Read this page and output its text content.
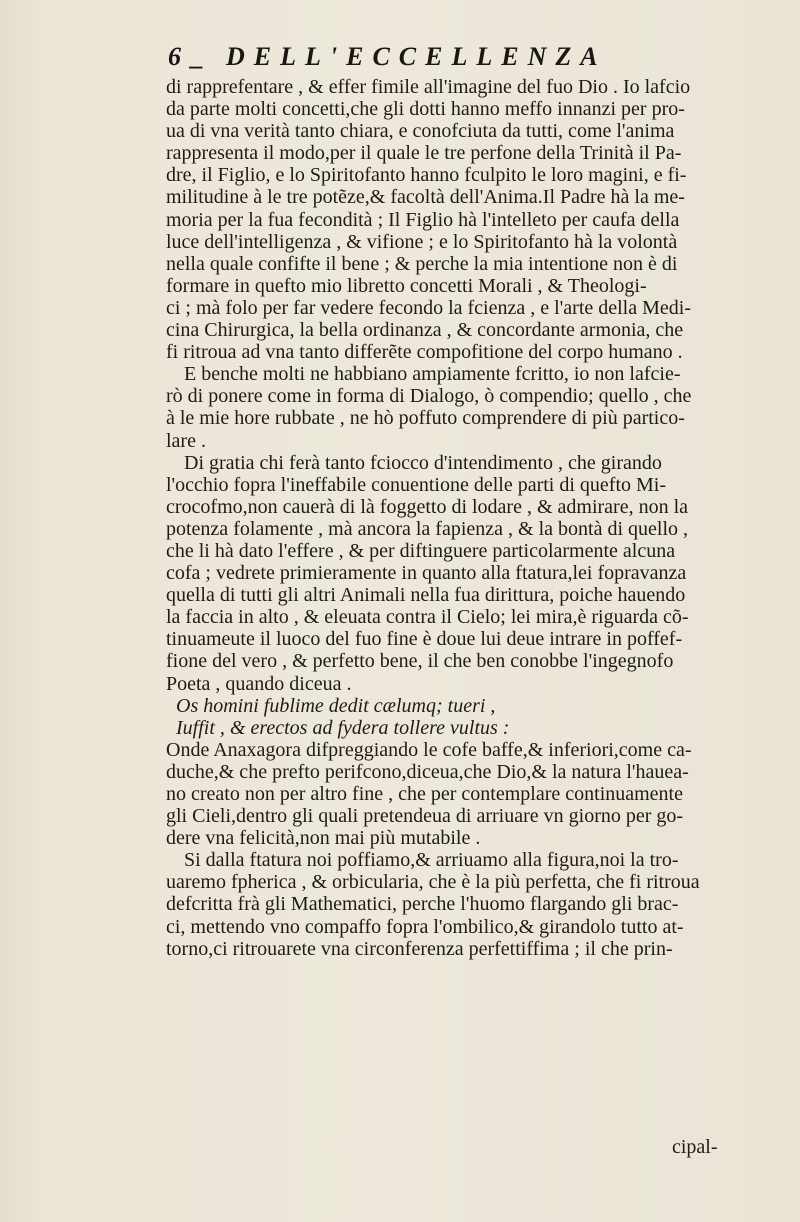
6 _ DELL'ECCELLENZA
di rapprefentare , & effer fimile all'imagine del fuo Dio . Io lafcio
da parte molti concetti,che gli dotti hanno meffo innanzi per pro-
ua di vna verità tanto chiara, e conofciuta da tutti, come l'anima
rappresenta il modo,per il quale le tre perfone della Trinità il Pa-
dre, il Figlio, e lo Spiritofanto hanno fculpito le loro magini, e fi-
militudine à le tre potẽze,& facoltà dell'Anima.Il Padre hà la me-
moria per la fua fecondità ; Il Figlio hà l'intelleto per caufa della
luce dell'intelligenza , & vifione ; e lo Spiritofanto hà la volontà
nella quale confifte il bene ; & perche la mia intentione non è di
formare in quefto mio libretto concetti Morali , & Theologi-
ci ; mà folo per far vedere fecondo la fcienza , e l'arte della Medi-
cina Chirurgica, la bella ordinanza , & concordante armonia, che
fi ritroua ad vna tanto differẽte compofitione del corpo humano .
E benche molti ne habbiano ampiamente fcritto, io non lafcie-
rò di ponere come in forma di Dialogo, ò compendio; quello , che
à le mie hore rubbate , ne hò poffuto comprendere di più partico-
lare .
Di gratia chi ferà tanto fciocco d'intendimento , che girando
l'occhio fopra l'ineffabile conuentione delle parti di quefto Mi-
crocofmo,non cauerà di là foggetto di lodare , & admirare, non la
potenza folamente , mà ancora la fapienza , & la bontà di quello ,
che li hà dato l'effere , & per diftinguere particolarmente alcuna
cofa ; vedrete primieramente in quanto alla ftatura,lei fopravanza
quella di tutti gli altri Animali nella fua dirittura, poiche hauendo
la faccia in alto , & eleuata contra il Cielo; lei mira,è riguarda cõ-
tinuameute il luoco del fuo fine è doue lui deue intrare in poffef-
fione del vero , & perfetto bene, il che ben conobbe l'ingegnofo
Poeta , quando diceua .
Os homini fublime dedit cælumq; tueri ,
Iuffit , & erectos ad fydera tollere vultus :
Onde Anaxagora difpreggiando le cofe baffe,& inferiori,come ca-
duche,& che prefto perifcono,diceua,che Dio,& la natura l'hauea-
no creato non per altro fine , che per contemplare continuamente
gli Cieli,dentro gli quali pretendeua di arriuare vn giorno per go-
dere vna felicità,non mai più mutabile .
Si dalla ftatura noi poffiamo,& arriuamo alla figura,noi la tro-
uaremo fpherica , & orbicularia, che è la più perfetta, che fi ritroua
defcritta frà gli Mathematici, perche l'huomo flargando gli brac-
ci, mettendo vno compaffo fopra l'ombilico,& girandolo tutto at-
torno,ci ritrouarete vna circonferenza perfettiffima ; il che prin-
cipal-
